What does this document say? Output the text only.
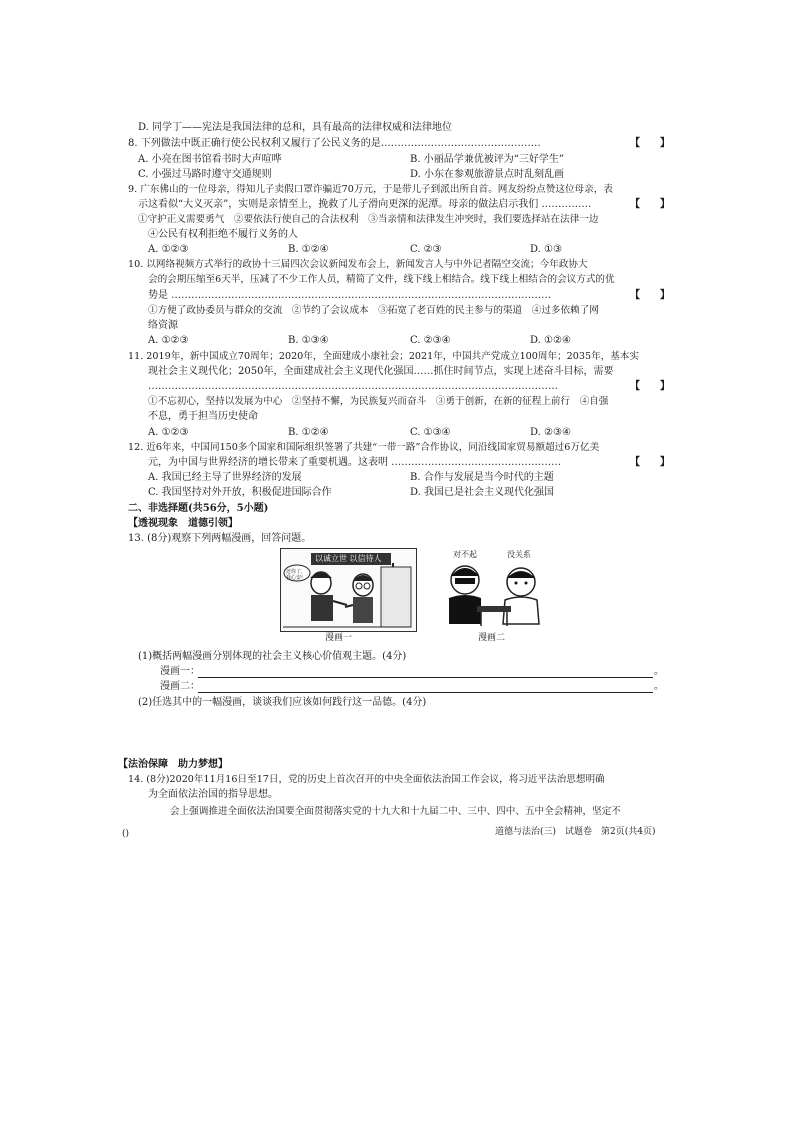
D. 同学丁——宪法是我国法律的总和，具有最高的法律权威和法律地位
8. 下列做法中既正确行使公民权利又履行了公民义务的是…………………………………………	【　　】
A. 小亮在图书馆看书时大声喧哗	B. 小丽品学兼优被评为“三好学生”
C. 小强过马路时遵守交通规则	D. 小东在参观旅游景点时乱刻乱画
9. 广东佛山的一位母亲，得知儿子卖假口罩诈骗近70万元，于是带儿子到派出所自首。网友纷纷点赞这位母亲，表
示这看似“大义灭亲”，实则是亲情至上，挽救了儿子滑向更深的泥潭。母亲的做法启示我们 ……………	【　　】
①守护正义需要勇气　②要依法行使自己的合法权利　③当亲情和法律发生冲突时，我们要选择站在法律一边
④公民有权利拒绝不履行义务的人
A. ①②③	B. ①②④	C. ②③	D. ①③
10. 以网络视频方式举行的政协十三届四次会议新闻发布会上，新闻发言人与中外记者隔空交流；今年政协大
会的会期压缩至6天半，压减了不少工作人员，精简了文件，线下线上相结合。线下线上相结合的会议方式的优
势是 ……………………………………………………………………………………………………	【　　】
①方便了政协委员与群众的交流　②节约了会议成本　③拓宽了老百姓的民主参与的渠道　④过多依赖了网
络资源
A. ①②③	B. ①③④	C. ②③④	D. ①②④
11. 2019年，新中国成立70周年；2020年，全面建成小康社会；2021年，中国共产党成立100周年；2035年，基本实
现社会主义现代化；2050年，全面建成社会主义现代化强国……抓住时间节点，实现上述奋斗目标，需要
……………………………………………………………………………………………………………	【　　】
①不忘初心，坚持以发展为中心　②坚持不懈，为民族复兴而奋斗　③勇于创新，在新的征程上前行　④自强
不息，勇于担当历史使命
A. ①②③	B. ①②④	C. ①③④	D. ②③④
12. 近6年来，中国同150多个国家和国际组织签署了共建“一带一路”合作协议，同沿线国家贸易额超过6万亿美
元，为中国与世界经济的增长带来了重要机遇。这表明 ……………………………………………	【　　】
A. 我国已经主导了世界经济的发展	B. 合作与发展是当今时代的主题
C. 我国坚持对外开放，积极促进国际合作	D. 我国已是社会主义现代化强国
二、非选择题(共56分，5小题)
【透视现象　道德引领】
13. (8分)观察下列两幅漫画，回答问题。
以诚立世 以信待人
还你了，我心安!
漫画一
对不起	没关系
漫画二
(1)概括两幅漫画分别体现的社会主义核心价值观主题。(4分)
漫画一：	。
漫画二：	。
(2)任选其中的一幅漫画，谈谈我们应该如何践行这一品德。(4分)
【法治保障　助力梦想】
14. (8分)2020年11月16日至17日，党的历史上首次召开的中央全面依法治国工作会议，将习近平法治思想明确
为全面依法治国的指导思想。
会上强调推进全面依法治国要全面贯彻落实党的十九大和十九届二中、三中、四中、五中全会精神，坚定不
()	道德与法治(三)　试题卷　第2页(共4页)
